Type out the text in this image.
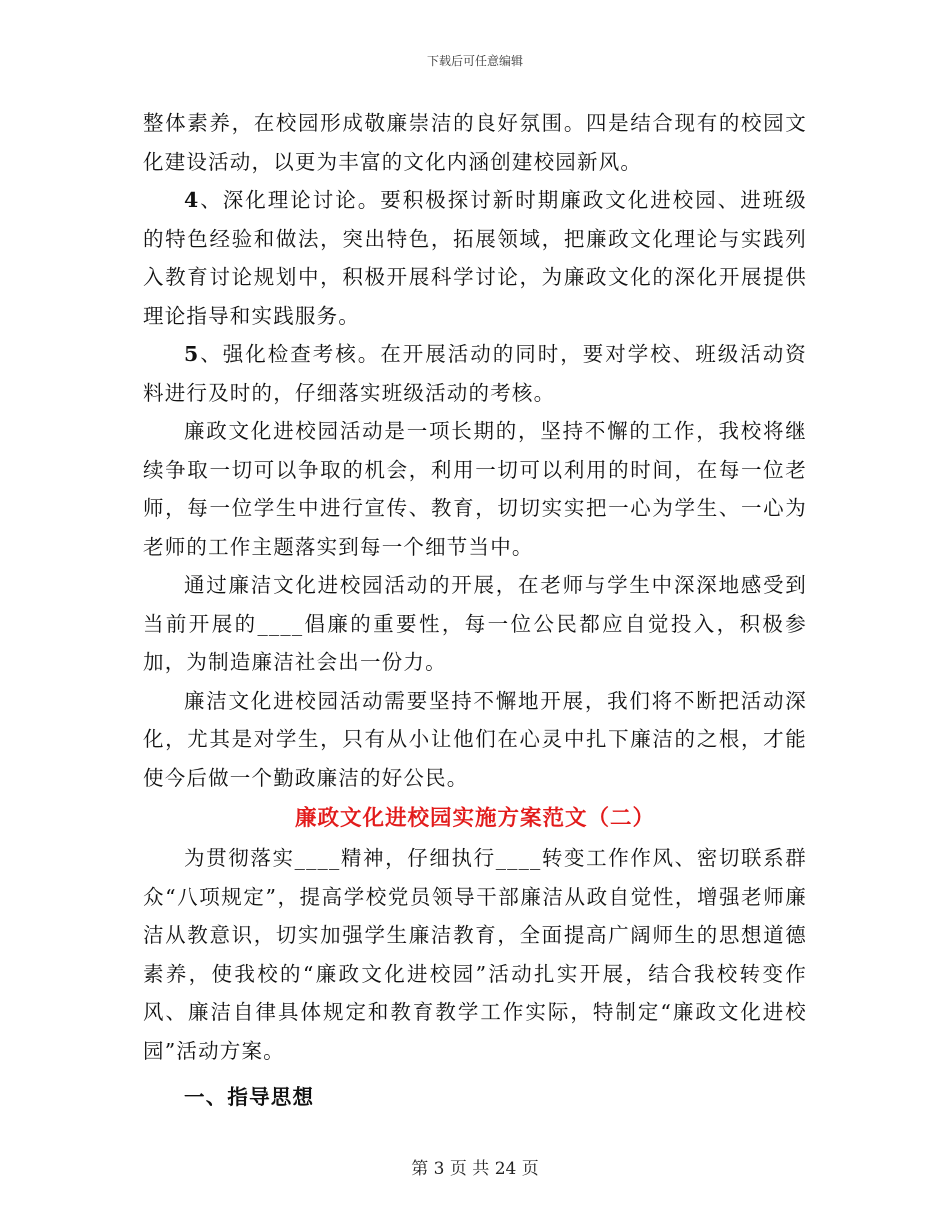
下载后可任意编辑

整体素养，在校园形成敬廉崇洁的良好氛围。四是结合现有的校园文化建设活动，以更为丰富的文化内涵创建校园新风。

4、深化理论讨论。要积极探讨新时期廉政文化进校园、进班级的特色经验和做法，突出特色，拓展领域，把廉政文化理论与实践列入教育讨论规划中，积极开展科学讨论，为廉政文化的深化开展提供理论指导和实践服务。

5、强化检查考核。在开展活动的同时，要对学校、班级活动资料进行及时的，仔细落实班级活动的考核。

廉政文化进校园活动是一项长期的，坚持不懈的工作，我校将继续争取一切可以争取的机会，利用一切可以利用的时间，在每一位老师，每一位学生中进行宣传、教育，切切实实把一心为学生、一心为老师的工作主题落实到每一个细节当中。

通过廉洁文化进校园活动的开展，在老师与学生中深深地感受到当前开展的____倡廉的重要性，每一位公民都应自觉投入，积极参加，为制造廉洁社会出一份力。

廉洁文化进校园活动需要坚持不懈地开展，我们将不断把活动深化，尤其是对学生，只有从小让他们在心灵中扎下廉洁的之根，才能使今后做一个勤政廉洁的好公民。

廉政文化进校园实施方案范文（二）

为贯彻落实____精神，仔细执行____转变工作作风、密切联系群众“八项规定”，提高学校党员领导干部廉洁从政自觉性，增强老师廉洁从教意识，切实加强学生廉洁教育，全面提高广阔师生的思想道德素养，使我校的“廉政文化进校园”活动扎实开展，结合我校转变作风、廉洁自律具体规定和教育教学工作实际，特制定“廉政文化进校园”活动方案。

一、指导思想

第 3 页 共 24 页
